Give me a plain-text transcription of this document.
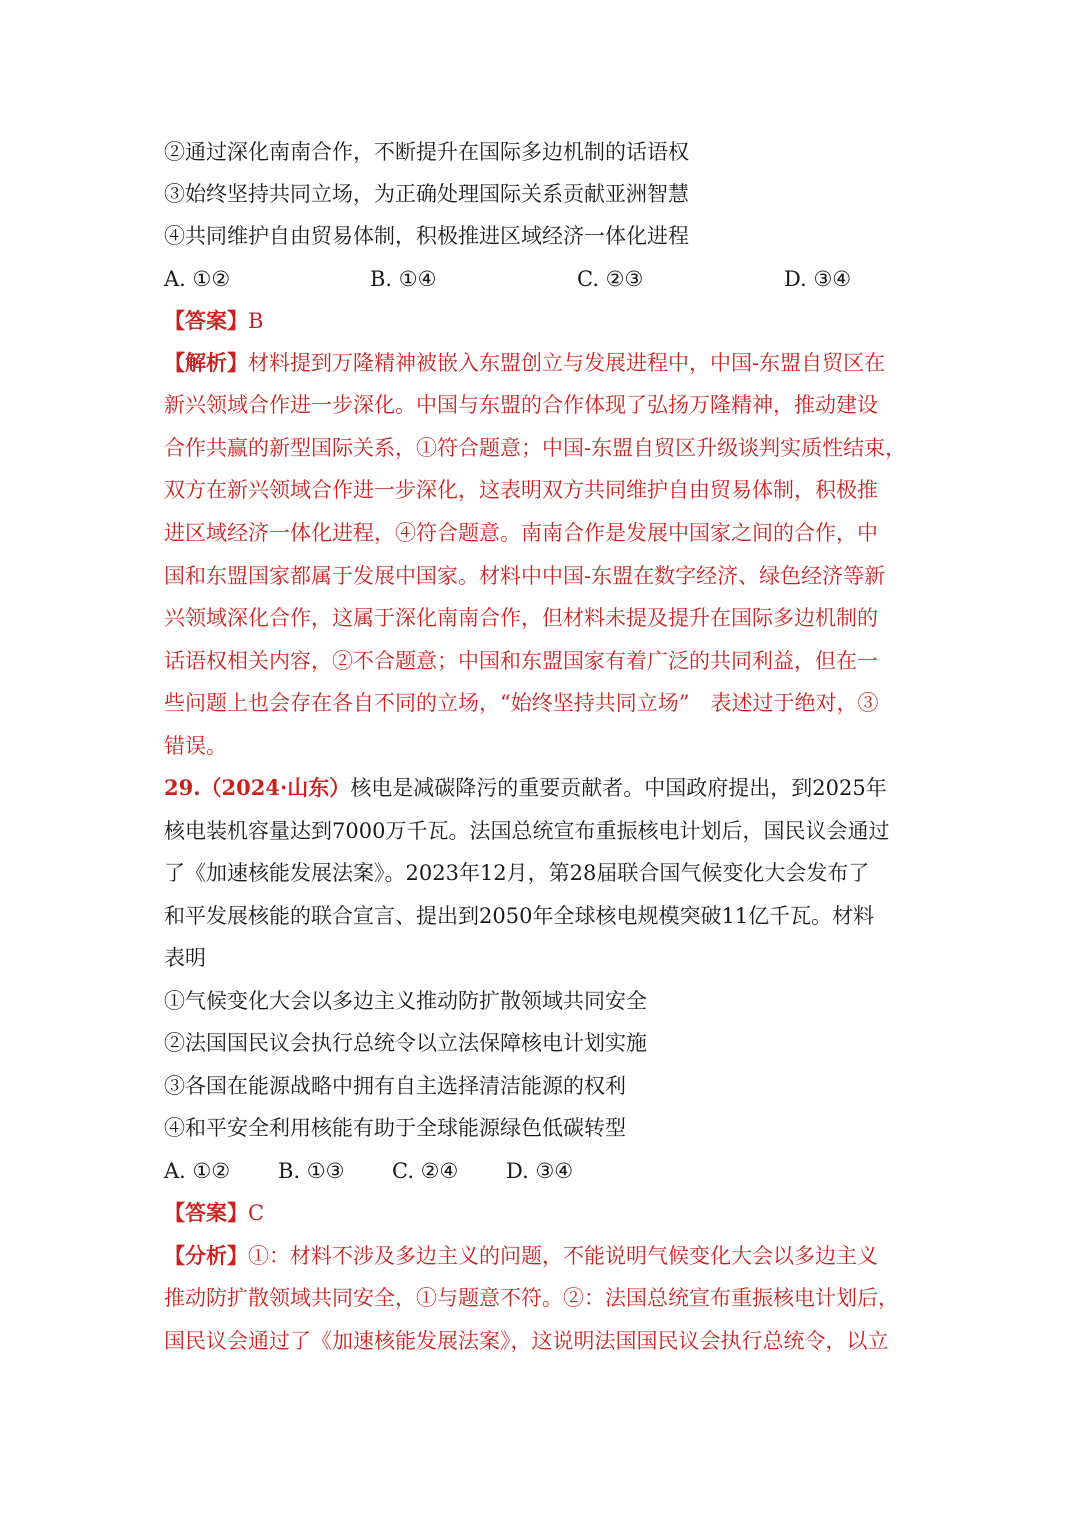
②通过深化南南合作，不断提升在国际多边机制的话语权
③始终坚持共同立场，为正确处理国际关系贡献亚洲智慧
④共同维护自由贸易体制，积极推进区域经济一体化进程
A. ①②	B. ①④	C. ②③	D. ③④
【答案】B
【解析】材料提到万隆精神被嵌入东盟创立与发展进程中，中国-东盟自贸区在
新兴领域合作进一步深化。中国与东盟的合作体现了弘扬万隆精神，推动建设
合作共赢的新型国际关系，①符合题意；中国-东盟自贸区升级谈判实质性结束，
双方在新兴领域合作进一步深化，这表明双方共同维护自由贸易体制，积极推
进区域经济一体化进程，④符合题意。南南合作是发展中国家之间的合作，中
国和东盟国家都属于发展中国家。材料中中国-东盟在数字经济、绿色经济等新
兴领域深化合作，这属于深化南南合作，但材料未提及提升在国际多边机制的
话语权相关内容，②不合题意；中国和东盟国家有着广泛的共同利益，但在一
些问题上也会存在各自不同的立场，“始终坚持共同立场”　表述过于绝对，③
错误。
29.（2024·山东）核电是减碳降污的重要贡献者。中国政府提出，到2025年
核电装机容量达到7000万千瓦。法国总统宣布重振核电计划后，国民议会通过
了《加速核能发展法案》。2023年12月，第28届联合国气候变化大会发布了
和平发展核能的联合宣言、提出到2050年全球核电规模突破11亿千瓦。材料
表明
①气候变化大会以多边主义推动防扩散领域共同安全
②法国国民议会执行总统令以立法保障核电计划实施
③各国在能源战略中拥有自主选择清洁能源的权利
④和平安全利用核能有助于全球能源绿色低碳转型
A. ①② B. ①③ C. ②④ D. ③④
【答案】C
【分析】①：材料不涉及多边主义的问题，不能说明气候变化大会以多边主义
推动防扩散领域共同安全，①与题意不符。②：法国总统宣布重振核电计划后，
国民议会通过了《加速核能发展法案》，这说明法国国民议会执行总统令，以立
